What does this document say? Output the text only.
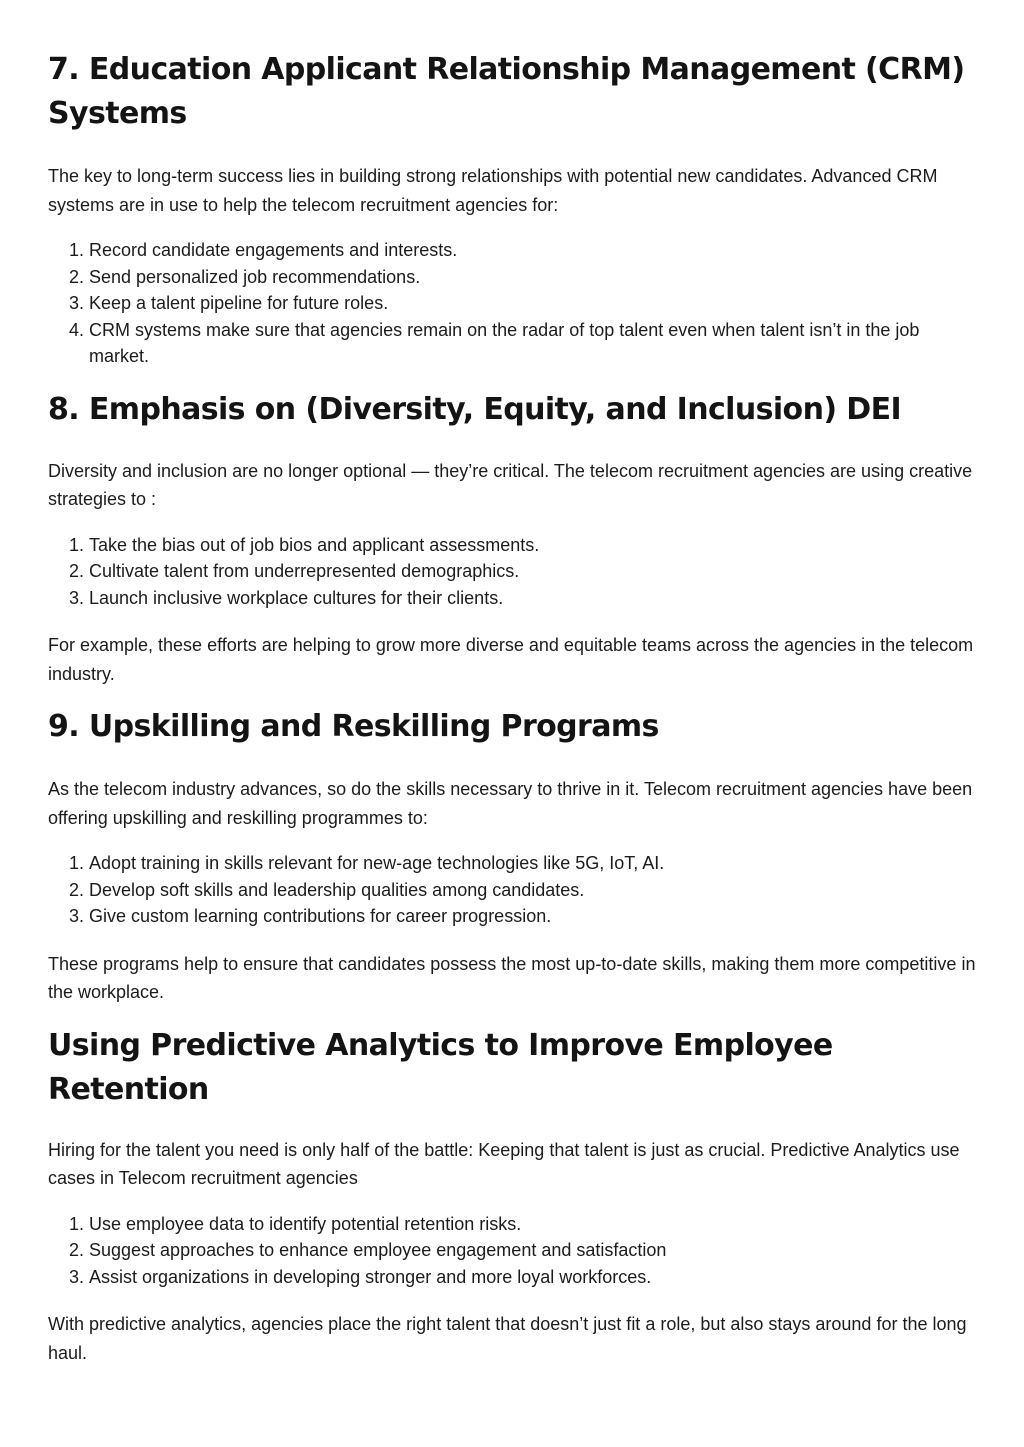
7. Education Applicant Relationship Management (CRM) Systems

The key to long-term success lies in building strong relationships with potential new candidates. Advanced CRM systems are in use to help the telecom recruitment agencies for:

1. Record candidate engagements and interests.
2. Send personalized job recommendations.
3. Keep a talent pipeline for future roles.
4. CRM systems make sure that agencies remain on the radar of top talent even when talent isn’t in the job market.
8. Emphasis on (Diversity, Equity, and Inclusion) DEI

Diversity and inclusion are no longer optional — they’re critical. The telecom recruitment agencies are using creative strategies to :

1. Take the bias out of job bios and applicant assessments.
2. Cultivate talent from underrepresented demographics.
3. Launch inclusive workplace cultures for their clients.

For example, these efforts are helping to grow more diverse and equitable teams across the agencies in the telecom industry.

9. Upskilling and Reskilling Programs

As the telecom industry advances, so do the skills necessary to thrive in it. Telecom recruitment agencies have been offering upskilling and reskilling programmes to:

1. Adopt training in skills relevant for new-age technologies like 5G, IoT, AI.
2. Develop soft skills and leadership qualities among candidates.
3. Give custom learning contributions for career progression.

These programs help to ensure that candidates possess the most up-to-date skills, making them more competitive in the workplace.

Using Predictive Analytics to Improve Employee Retention

Hiring for the talent you need is only half of the battle: Keeping that talent is just as crucial. Predictive Analytics use cases in Telecom recruitment agencies

1. Use employee data to identify potential retention risks.
2. Suggest approaches to enhance employee engagement and satisfaction
3. Assist organizations in developing stronger and more loyal workforces.

With predictive analytics, agencies place the right talent that doesn’t just fit a role, but also stays around for the long haul.
